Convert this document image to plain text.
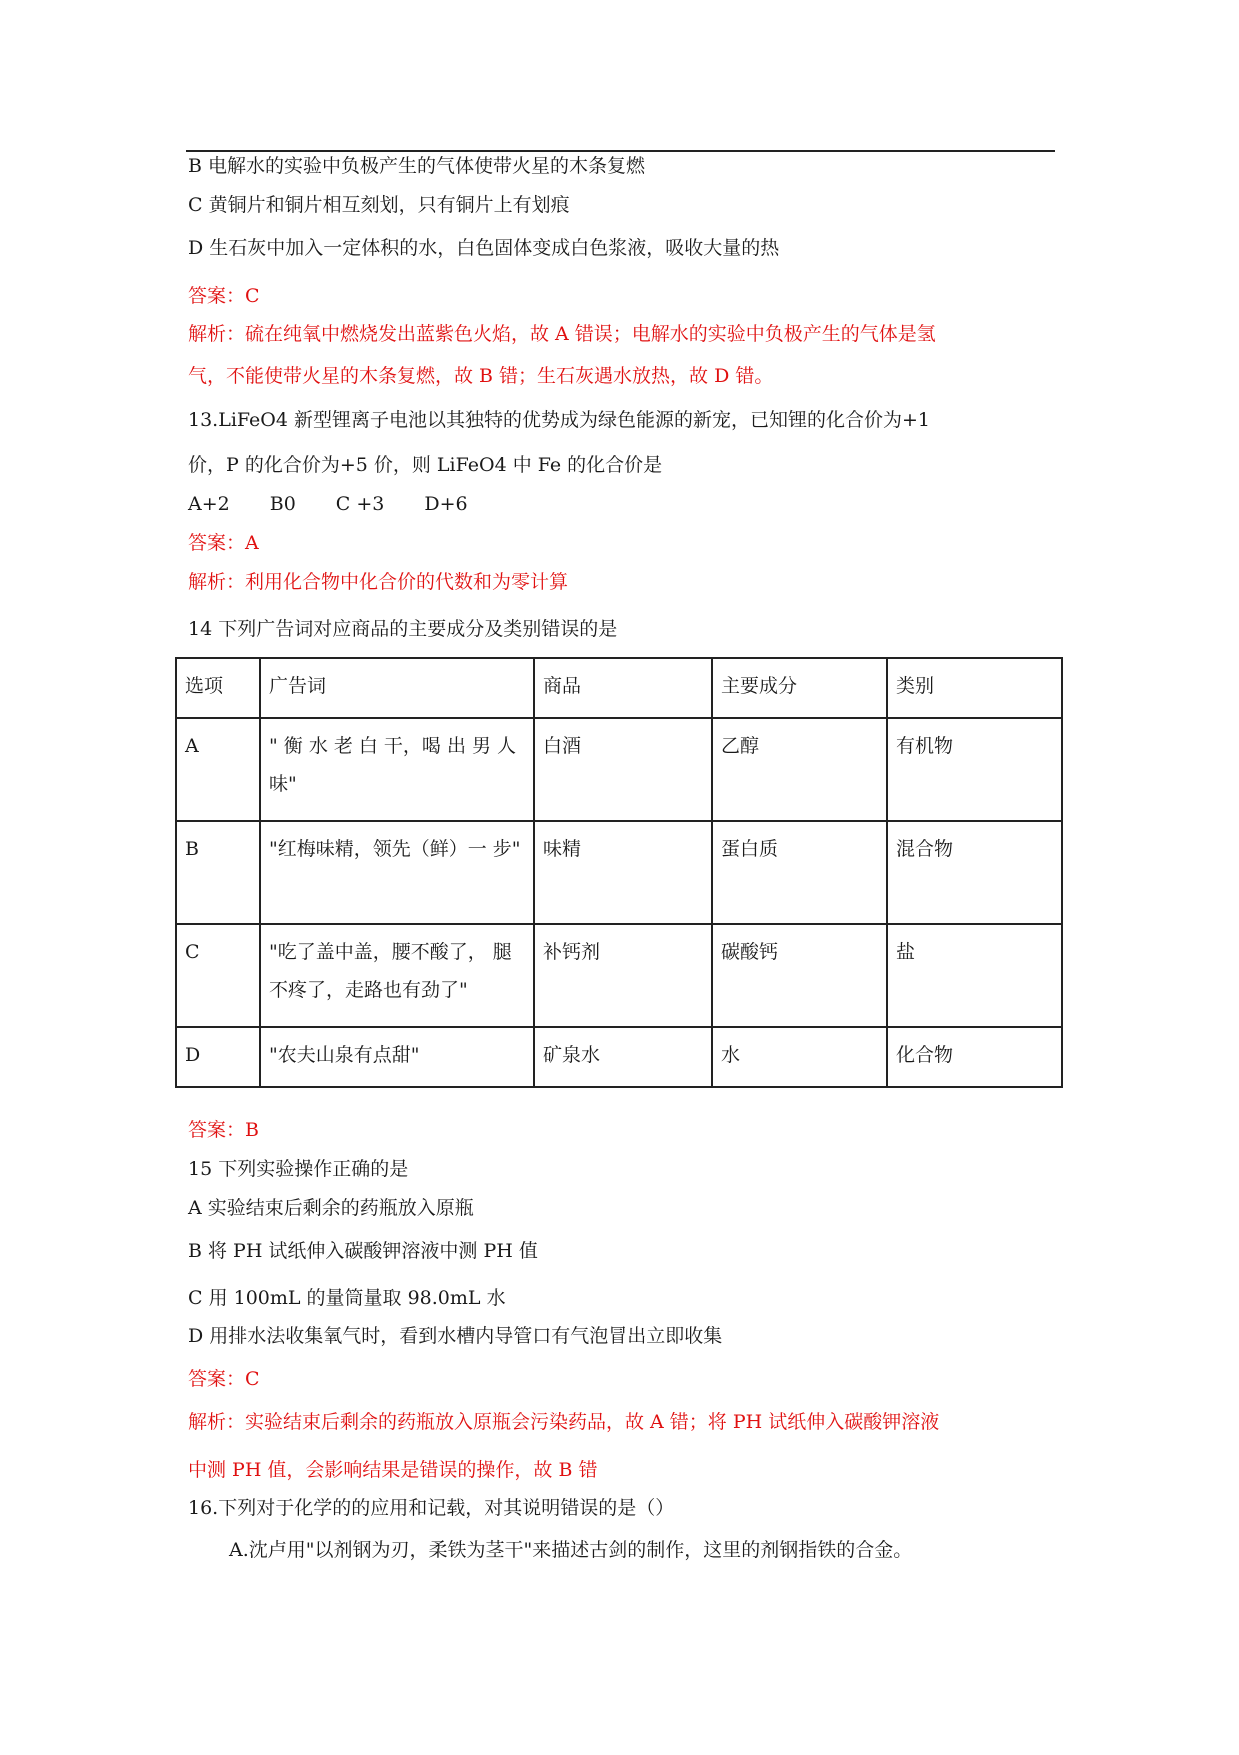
B 电解水的实验中负极产生的气体使带火星的木条复燃
C 黄铜片和铜片相互刻划，只有铜片上有划痕
D 生石灰中加入一定体积的水，白色固体变成白色浆液，吸收大量的热
答案：C
解析：硫在纯氧中燃烧发出蓝紫色火焰，故 A 错误；电解水的实验中负极产生的气体是氢
气，不能使带火星的木条复燃，故 B 错；生石灰遇水放热，故 D 错。
13.LiFeO4 新型锂离子电池以其独特的优势成为绿色能源的新宠，已知锂的化合价为+1
价，P 的化合价为+5 价，则 LiFeO4 中 Fe 的化合价是
A+2 B0 C +3 D+6
答案：A
解析：利用化合物中化合价的代数和为零计算
14 下列广告词对应商品的主要成分及类别错误的是
选项	广告词	商品	主要成分	类别
A	" 衡 水 老 白 干，喝 出 男 人 味"	白酒	乙醇	有机物
B	"红梅味精，领先（鲜）一 步"	味精	蛋白质	混合物
C	"吃了盖中盖，腰不酸了， 腿不疼了，走路也有劲了"	补钙剂	碳酸钙	盐
D	"农夫山泉有点甜"	矿泉水	水	化合物
答案：B
15 下列实验操作正确的是
A 实验结束后剩余的药瓶放入原瓶
B 将 PH 试纸伸入碳酸钾溶液中测 PH 值
C 用 100mL 的量筒量取 98.0mL 水
D 用排水法收集氧气时，看到水槽内导管口有气泡冒出立即收集
答案：C
解析：实验结束后剩余的药瓶放入原瓶会污染药品，故 A 错；将 PH 试纸伸入碳酸钾溶液
中测 PH 值，会影响结果是错误的操作，故 B 错
16.下列对于化学的的应用和记载，对其说明错误的是（）
A.沈卢用"以剂钢为刃，柔铁为茎干"来描述古剑的制作，这里的剂钢指铁的合金。
